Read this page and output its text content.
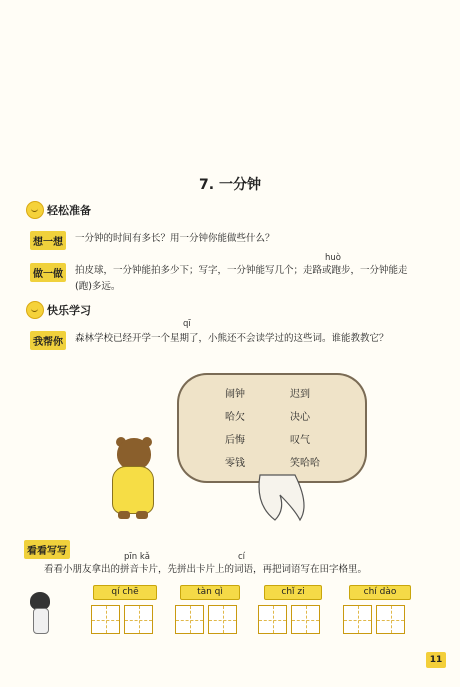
7. 一分钟
轻松准备
想一想	一分钟的时间有多长？用一分钟你能做些什么？
huò
做一做	拍皮球，一分钟能拍多少下；写字，一分钟能写几个；走路或跑步，一分钟能走
(跑)多远。
快乐学习
qī
我帮你	森林学校已经开学一个星期了，小熊还不会读学过的这些词。谁能教教它？
闹钟
哈欠
后悔
零钱
迟到
决心
叹气
笑哈哈
看看写写	pīn kǎ	cí
看看小朋友拿出的拼音卡片，先拼出卡片上的词语，再把词语写在田字格里。
qí chē	tàn qì	chǐ zi	chí dào
11
